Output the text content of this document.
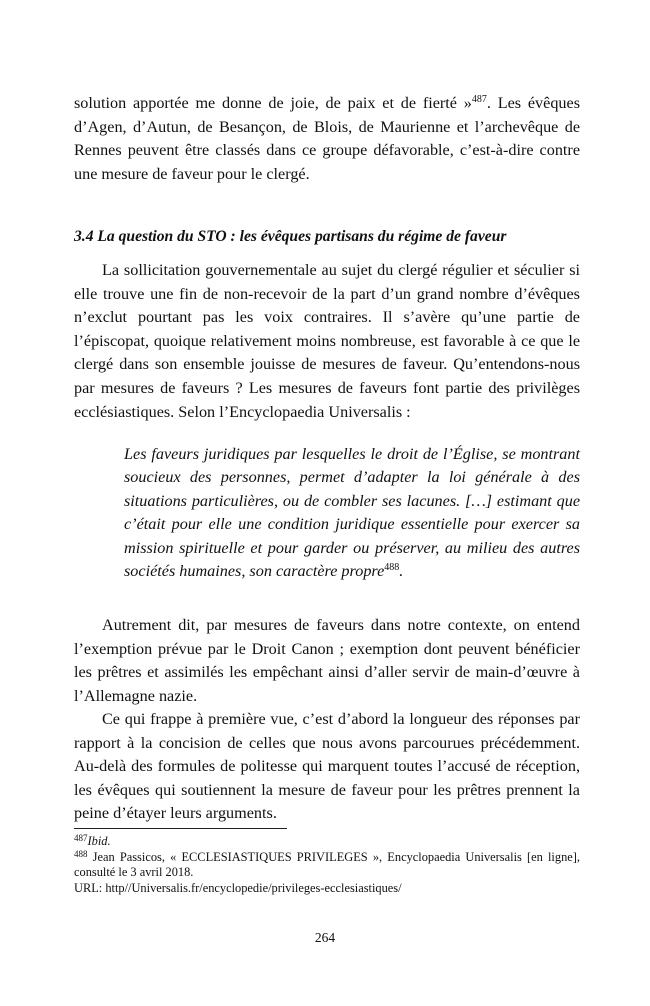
solution apportée me donne de joie, de paix et de fierté »$^{487}$. Les évêques d’Agen, d’Autun, de Besançon, de Blois, de Maurienne et l’archevêque de Rennes peuvent être classés dans ce groupe défavorable, c’est-à-dire contre une mesure de faveur pour le clergé.

3.4 La question du STO : les évêques partisans du régime de faveur

La sollicitation gouvernementale au sujet du clergé régulier et séculier si elle trouve une fin de non-recevoir de la part d’un grand nombre d’évêques n’exclut pourtant pas les voix contraires. Il s’avère qu’une partie de l’épiscopat, quoique relativement moins nombreuse, est favorable à ce que le clergé dans son ensemble jouisse de mesures de faveur. Qu’entendons-nous par mesures de faveurs ? Les mesures de faveurs font partie des privilèges ecclésiastiques. Selon l’Encyclopaedia Universalis :

Les faveurs juridiques par lesquelles le droit de l’Église, se montrant soucieux des personnes, permet d’adapter la loi générale à des situations particulières, ou de combler ses lacunes. […] estimant que c’était pour elle une condition juridique essentielle pour exercer sa mission spirituelle et pour garder ou préserver, au milieu des autres sociétés humaines, son caractère propre$^{488}$.

Autrement dit, par mesures de faveurs dans notre contexte, on entend l’exemption prévue par le Droit Canon ; exemption dont peuvent bénéficier les prêtres et assimilés les empêchant ainsi d’aller servir de main-d’œuvre à l’Allemagne nazie.

Ce qui frappe à première vue, c’est d’abord la longueur des réponses par rapport à la concision de celles que nous avons parcourues précédemment. Au-delà des formules de politesse qui marquent toutes l’accusé de réception, les évêques qui soutiennent la mesure de faveur pour les prêtres prennent la peine d’étayer leurs arguments.

$^{487}$Ibid.

$^{488}$ Jean Passicos, « ECCLESIASTIQUES PRIVILEGES », Encyclopaedia Universalis [en ligne], consulté le 3 avril 2018.

URL: http//Universalis.fr/encyclopedie/privileges-ecclesiastiques/

264
